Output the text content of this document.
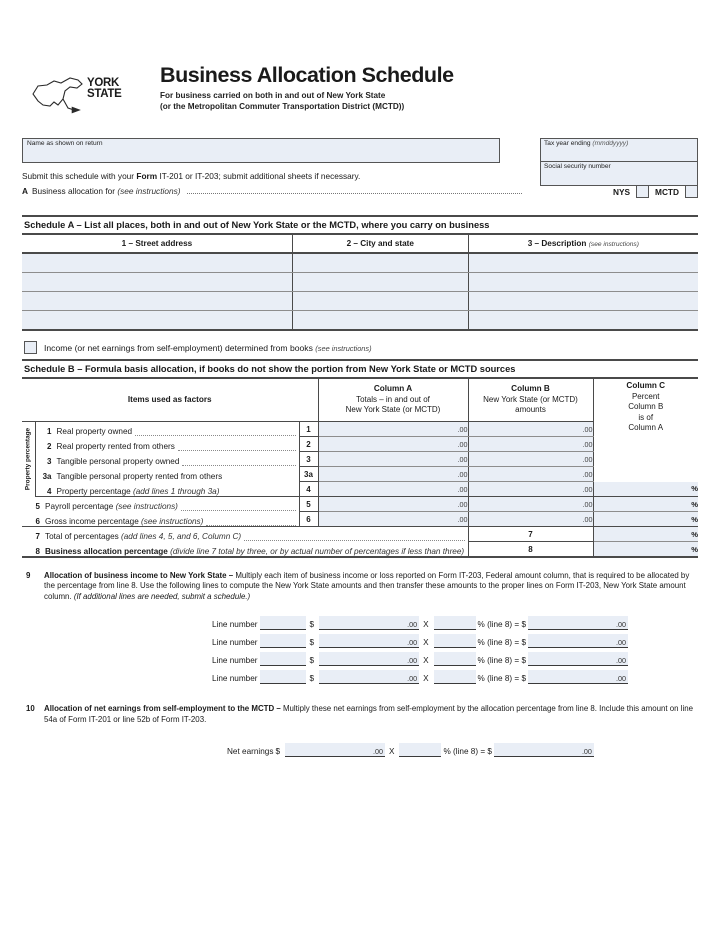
YORK
STATE
Business Allocation Schedule
For business carried on both in and out of New York State
(or the Metropolitan Commuter Transportation District (MCTD))
Tax year ending (mmddyyyy)
Social security number
Name as shown on return
Submit this schedule with your Form IT-201 or IT-203; submit additional sheets if necessary.
A Business allocation for (see instructions)	NYS	MCTD
Schedule A – List all places, both in and out of New York State or the MCTD, where you carry on business
1 – Street address	2 – City and state	3 – Description (see instructions)

Income (or net earnings from self-employment) determined from books (see instructions)
Schedule B – Formula basis allocation, if books do not show the portion from New York State or MCTD sources
Items used as factors			Column A
Totals – in and out of
New York State (or MCTD)	Column B
New York State (or MCTD)
amounts	Column C
Percent
Column B
is of
Column A

Property percentage	1 Real property owned	1	.00	.00	

	2 Real property rented from others	2	.00	.00	

	3 Tangible personal property owned	3	.00	.00	

	3a Tangible personal property rented from others	3a	.00	.00	

	4 Property percentage (add lines 1 through 3a)	4	.00	.00	%

5 Payroll percentage (see instructions)		5	.00	.00	%

6 Gross income percentage (see instructions)		6	.00	.00	%

7 Total of percentages (add lines 4, 5, and 6, Column C)				7	%

8 Business allocation percentage (divide line 7 total by three, or by actual number of percentages if less than three)				8	%
9	Allocation of business income to New York State – Multiply each item of business income or loss reported on Form IT-203, Federal amount column, that is required to be allocated by the percentage from line 8. Use the following lines to compute the New York State amounts and then transfer these amounts to the proper lines on Form IT-203, New York State amount column. (If additional lines are needed, submit a schedule.)
Line number	$	.00 X	% (line 8) = $	.00
Line number	$	.00 X	% (line 8) = $	.00
Line number	$	.00 X	% (line 8) = $	.00
Line number	$	.00 X	% (line 8) = $	.00
10	Allocation of net earnings from self-employment to the MCTD – Multiply these net earnings from self-employment by the allocation percentage from line 8. Include this amount on line 54a of Form IT-201 or line 52b of Form IT-203.
Net earnings $	.00 X	% (line 8) = $	.00
